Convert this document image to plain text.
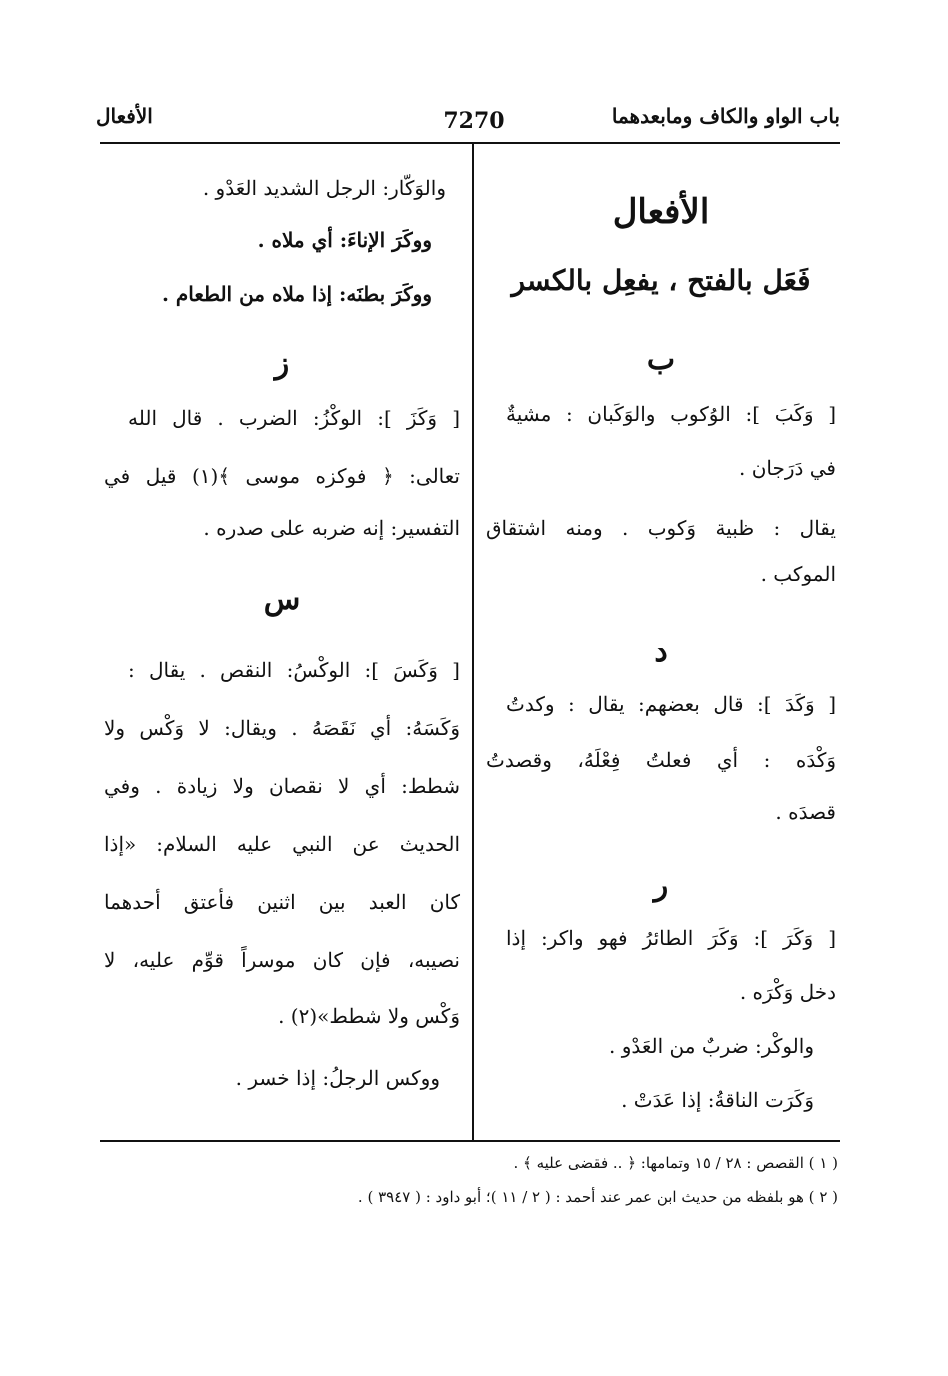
باب الواو والكاف ومابعدهما
7270
الأفعال
الأفعال
فَعَل بالفتح ، يفعِل بالكسر
ب
[ وَكَبَ ]: الوُكوب والوَكَبان : مشيةٌ
في دَرَجان .
يقال : ظبية وَكوب . ومنه اشتقاق
الموكب .
د
[ وَكَدَ ]: قال بعضهم: يقال : وكدتُ
وَكْدَه : أي فعلتُ فِعْلَهُ، وقصدتُ
قصدَه .
ر
[ وَكَرَ ]: وَكَرَ الطائرُ فهو واكر: إذا
دخل وَكْرَه .
والوكْر: ضربٌ من العَدْو .
وَكَرَت الناقةُ: إذا عَدَتْ .
والوَكّار: الرجل الشديد العَدْو .
ووكَرَ الإناءَ: أي ملاه .
ووكَرَ بطنَه: إذا ملاه من الطعام .
ز
[ وَكَزَ ]: الوكْزُ: الضرب . قال الله
تعالى: ﴿ فوكزه موسى ﴾(١) قيل في
التفسير: إنه ضربه على صدره .
س
[ وَكَسَ ]: الوكْسُ: النقص . يقال :
وَكَسَهُ: أي نَقَصَهُ . ويقال: لا وَكْس ولا
شطط: أي لا نقصان ولا زيادة . وفي
الحديث عن النبي عليه السلام: «إذا
كان العبد بين اثنين فأعتق أحدهما
نصيبه، فإن كان موسراً قوِّم عليه، لا
وَكْس ولا شطط»(٢) .
ووكس الرجلُ: إذا خسر .
( ١ ) القصص : ٢٨ / ١٥ وتمامها: ﴿ .. فقضى عليه ﴾ .
( ٢ ) هو بلفظه من حديث ابن عمر عند أحمد : ( ٢ / ١١ )؛ أبو داود : ( ٣٩٤٧ ) .
